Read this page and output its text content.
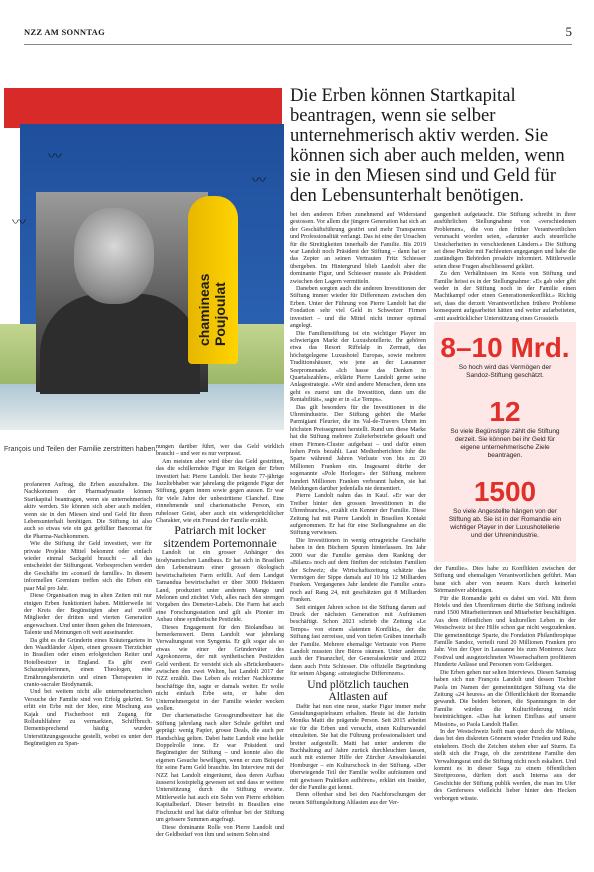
NZZ AM SONNTAG	5
chamineas Poujoulat
〰
〰
〰
François und Teilen der Familie zerstritten haben.
Die Erben können Startkapital beantragen, wenn sie selber unternehmerisch aktiv werden. Sie können sich aber auch melden, wenn sie in den Miesen sind und Geld für den Lebensunterhalt benötigen.

profaneren Auftrag, die Erben auszuhalten. Die Nachkommen der Pharmadynastie können Startkapital beantragen, wenn sie unternehmerisch aktiv werden. Sie können sich aber auch melden, wenn sie in den Miesen sind und Geld für ihren Lebensunterhalt benötigen. Die Stiftung ist also auch so etwas wie ein gut gefüllter Bancomat für die Pharma-Nachkommen.

Wie die Stiftung ihr Geld investiert, wer für private Projekte Mittel bekommt oder einfach wieder einmal Sackgeld braucht – all das entscheidet der Stiftungsrat. Vorbesprochen werden die Geschäfte im «conseil de famille». In diesem informellen Gremium treffen sich die Erben ein paar Mal pro Jahr.

Diese Organisation mag in alten Zeiten mit nur einigen Erben funktioniert haben. Mittlerweile ist der Kreis der Begünstigten aber auf zwölf Mitglieder der dritten und vierten Generation angewachsen. Und unter ihnen gehen die Interessen, Talente und Meinungen oft weit auseinander.

Da gibt es die Gründerin eines Kräutergartens in den Waadtländer Alpen, einen grossen Tierzüchter in Brasilien oder einen erfolgreichen Reiter und Hotelbesitzer in England. Es gibt zwei Schauspielerinnen, einen Theologen, eine Ernährungsberaterin und einen Therapeuten in cranio-sacraler Biodynamik.

Und bei weitem nicht alle unternehmerischen Versuche der Familie sind von Erfolg gekrönt. So erlitt ein Erbe mit der Idee, eine Mischung aus Kajak und Fischerboot mit Zugang für Rollstuhlfahrer zu vermarkten, Schiffbruch. Dementsprechend häufig wurden Unterstützungsgesuche gestellt, wobei es unter den Begünstigten zu Span-

nungen darüber führt, wer das Geld wirklich braucht – und wer es nur verprasst.

Am meisten aber wird über das Geld gestritten, das die schillerndste Figur im Reigen der Erben investiert hat: Pierre Landolt. Der heute 77-jährige Jazzliebhaber war jahrelang die prägende Figur der Stiftung, gegen innen sowie gegen aussen. Er war für viele Jahre der unbestrittene Clanchef. Eine einnehmende und charismatische Person, ein ruheloser Geist, aber auch ein widersprüchlicher Charakter, wie ein Freund der Familie erzählt.

Patriarch mit locker sitzendem Portemonnaie

Landolt ist ein grosser Anhänger des biodynamischen Landbaus. Er hat sich in Brasilien den Lebenstraum einer grossen ökologisch bewirtschafteten Farm erfüllt. Auf dem Landgut Tamandua bewirtschaftet er über 3000 Hektaren Land, produziert unter anderem Mango und Melonen und züchtet Vieh, alles nach den strengen Vorgaben des Demeter-Labels. Die Farm hat auch eine Forschungsstation und gilt als Pionier im Anbau ohne synthetische Pestizide.

Dieses Engagement für den Biolandbau ist bemerkenswert. Denn Landolt war jahrelang Verwaltungsrat von Syngenta. Er gilt sogar als so etwas wie einer der Gründerväter des Agrokonzerns, der mit synthetischen Pestiziden Geld verdient. Er versteht sich als «Brückenbauer» zwischen den zwei Welten, hat Landolt 2017 der NZZ erzählt. Das Leben als reicher Nachkomme beschäftige ihn, sagte er damals weiter. Er wolle nicht einfach Erbe sein, er habe den Unternehmergeist in der Familie wieder wecken wollen.

Der charismatische Grossgrundbesitzer hat die Stiftung jahrelang nach alter Schule geführt und geprägt: wenig Papier, grosse Deals, die auch per Handschlag gelten. Dabei hatte Landolt eine heikle Doppelrolle inne. Er war Präsident und Begünstigter der Stiftung – und konnte also die eigenen Gesuche bewilligen, wenn er zum Beispiel für seine Farm Geld brauchte. Im Interview mit der NZZ hat Landolt eingeräumt, dass deren Aufbau äusserst kostspielig gewesen sei und dass er weitere Unterstützung durch die Stiftung erwarte. Mittlerweile hat auch ein Sohn von Pierre erhöhten Kapitalbedarf. Dieser betreibt in Brasilien eine Fischzucht und hat dafür offenbar bei der Stiftung um grössere Summen angefragt.

Diese dominante Rolle von Pierre Landolt und der Geldbedarf von ihm und seinem Sohn sind

bei den anderen Erben zunehmend auf Widerstand gestossen. Vor allem die jüngere Generation hat sich an der Geschäftsführung gestört und mehr Transparenz und Professionalität verlangt. Das ist eine der Ursachen für die Streitigkeiten innerhalb der Familie. Bis 2019 war Landolt noch Präsident der Stiftung – dann hat er das Zepter an seinen Vertrauten Fritz Schiesser übergeben. Im Hintergrund blieb Landolt aber die dominante Figur, und Schiesser musste als Präsident zwischen den Lagern vermitteln.

Daneben sorgten auch die anderen Investitionen der Stiftung immer wieder für Differenzen zwischen den Erben. Unter der Führung von Pierre Landolt hat die Fondation sehr viel Geld in Schweizer Firmen investiert – und die Mittel nicht immer optimal angelegt.

Die Familienstiftung ist ein wichtiger Player im schwierigen Markt der Luxushotellerie. Ihr gehören etwa das Resort Riffelalp in Zermatt, das höchstgelegene Luxushotel Europas, sowie mehrere Traditionshäuser, wie jene an der Lausanner Seepromenade. «Ich hasse das Denken in Quartalszahlen», erklärte Pierre Landolt gerne seine Anlagestrategie. «Wir sind andere Menschen, denn uns geht es zuerst um die Investition, dann um die Rentabilität», sagte er in «Le Temps».

Das gilt besonders für die Investitionen in die Uhrenindustrie. Der Stiftung gehört die Marke Parmigiani Fleurier, die im Val-de-Travers Uhren im höchsten Preissegment herstellt. Rund um diese Marke hat die Stiftung mehrere Zulieferbetriebe gekauft und einen Firmen-Cluster aufgebaut – und dafür einen hohen Preis bezahlt. Laut Medienberichten fuhr die Sparte während Jahren Verluste von bis zu 20 Millionen Franken ein. Insgesamt dürfte der sogenannte «Pole Horloger» der Stiftung mehrere hundert Millionen Franken verbrannt haben, sie hat Meldungen darüber jedenfalls nie dementiert.

Pierre Landolt nahm das in Kauf. «Er war der Treiber hinter den grossen Investitionen in die Uhrenbranche», erzählt ein Kenner der Familie. Diese Zeitung hat mit Pierre Landolt in Brasilien Kontakt aufgenommen. Er hat für eine Stellungnahme an die Stiftung verwiesen.

Die Investitionen in wenig ertragreiche Geschäfte haben in den Büchern Spuren hinterlassen. Im Jahr 2000 war die Familie gemäss dem Ranking der «Bilanz» noch auf dem fünften der reichsten Familien der Schweiz; die Wirtschaftszeitung schätzte das Vermögen der Sippe damals auf 10 bis 12 Milliarden Franken. Vergangenes Jahr landete die Familie «nur» noch auf Rang 24, mit geschätzten gut 8 Milliarden Franken.

Seit einigen Jahren schon ist die Stiftung darum auf Druck der nächsten Generation mit Aufräumen beschäftigt. Schon 2021 schrieb die Zeitung «Le Temps» von einem «latenten Konflikt», der die Stiftung fast zerreisse, und von tiefen Gräben innerhalb der Familie. Mehrere ehemalige Vertraute von Pierre Landolt mussten ihre Büros räumen. Unter anderem auch der Finanzchef, der Generalsekretär und 2022 dann auch Fritz Schiesser. Die offizielle Begründung für seinen Abgang: «strategische Differenzen».

Und plötzlich tauchen Altlasten auf

Dafür hat nun eine neue, starke Figur immer mehr Gestaltungsspielraum erhalten. Heute ist die Juristin Monika Matti die prägende Person. Seit 2015 arbeitet sie für die Erben und versucht, einen Kulturwandel einzuleiten. Sie hat die Führung professionalisiert und breiter aufgestellt. Matti hat unter anderem die Buchhaltung auf Jahre zurück durchleuchten lassen, auch mit externer Hilfe der Zürcher Anwaltskanzlei Homburger – ein Kulturschock in der Stiftung. «Der überwiegende Teil der Familie wollte aufräumen und mit gewissen Praktiken aufhören», erklärt ein Insider, der die Familie gut kennt.

Denn offenbar sind bei den Nachforschungen der neuen Stiftungsleitung Altlasten aus der Ver-

gangenheit aufgetaucht. Die Stiftung schreibt in ihrer ausführlichen Stellungnahme von «verschiedenen Problemen», die von den früher Verantwortlichen verursacht worden seien, «darunter auch steuerliche Unsicherheiten in verschiedenen Ländern.» Die Stiftung sei diese Punkte mit Fachleuten angegangen und habe die zuständigen Behörden proaktiv informiert. Mittlerweile seien diese Fragen abschliessend geklärt.

Zu den Verhältnissen im Kreis von Stiftung und Familie heisst es in der Stellungnahme: «Es gab oder gibt weder in der Stiftung noch in der Familie einen Machtkampf oder einen Generationenkonflikt.» Richtig sei, dass die derzeit Verantwortlichen frühere Probleme konsequent aufgearbeitet hätten und weiter aufarbeiteten, «mit ausdrücklicher Unterstützung eines Grossteils

der Familie». Dies habe zu Konflikten zwischen der Stiftung und ehemaligen Verantwortlichen geführt. Man baue sich aber von neuem Kurs durch keinerlei Störmanöver abbringen.

Für die Romandie geht es dabei um viel. Mit ihren Hotels und den Uhrenfirmen dürfte die Stiftung indirekt rund 1500 Mitarbeiterinnen und Mitarbeiter beschäftigen. Aus dem öffentlichen und kulturellen Leben in der Westschweiz ist ihre Hilfe schon gar nicht wegzudenken. Die gemeinnützige Sparte, die Fondation Philanthropique Famille Sandoz, verteilt rund 20 Millionen Franken pro Jahr. Von der Oper in Lausanne bis zum Montreux Jazz Festival und ausgezeichneten Wissenschaftern profitieren Hunderte Anlässe und Personen vom Geldsegen.

Die Erben gehen nur selten Interviews. Diesen Samstag haben sich nun François Landolt und dessen Tochter Paola im Namen der gemeinnützigen Stiftung via die Zeitung «24 heures» an die Öffentlichkeit der Romandie gewandt. Die beiden betonen, die Spannungen in der Familie würden die Kulturförderung nicht beeinträchtigen. «Das hat keinen Einfluss auf unsere Mission», so Paola Landolt Haller.

In der Westschweiz hofft man quer durch die Milieus, dass bei den diskreten Gönnern wieder Frieden und Ruhe einkehren. Doch die Zeichen stehen eher auf Sturm. Es stellt sich die Frage, ob die zerstrittene Familie den Verwaltungsrat und die Stiftung nicht noch eskaliert. Und kommt es in dieser Saga zu einem öffentlichen Streitprozess, dürften dort auch Interna aus der Geschichte der Stiftung publik werden, die man im Ufer des Genfersees vielleicht lieber hinter den Hecken verborgen wüsste.

8–10 Mrd.
So hoch wird das Vermögen der Sandoz-Stiftung geschätzt.
12
So viele Begünstigte zählt die Stiftung derzeit. Sie können bei ihr Geld für eigene unternehmerische Ziele beantragen.
1500
So viele Angestellte hängen von der Stiftung ab. Sie ist in der Romandie ein wichtiger Player in der Luxushotellerie und der Uhrenindustrie.
